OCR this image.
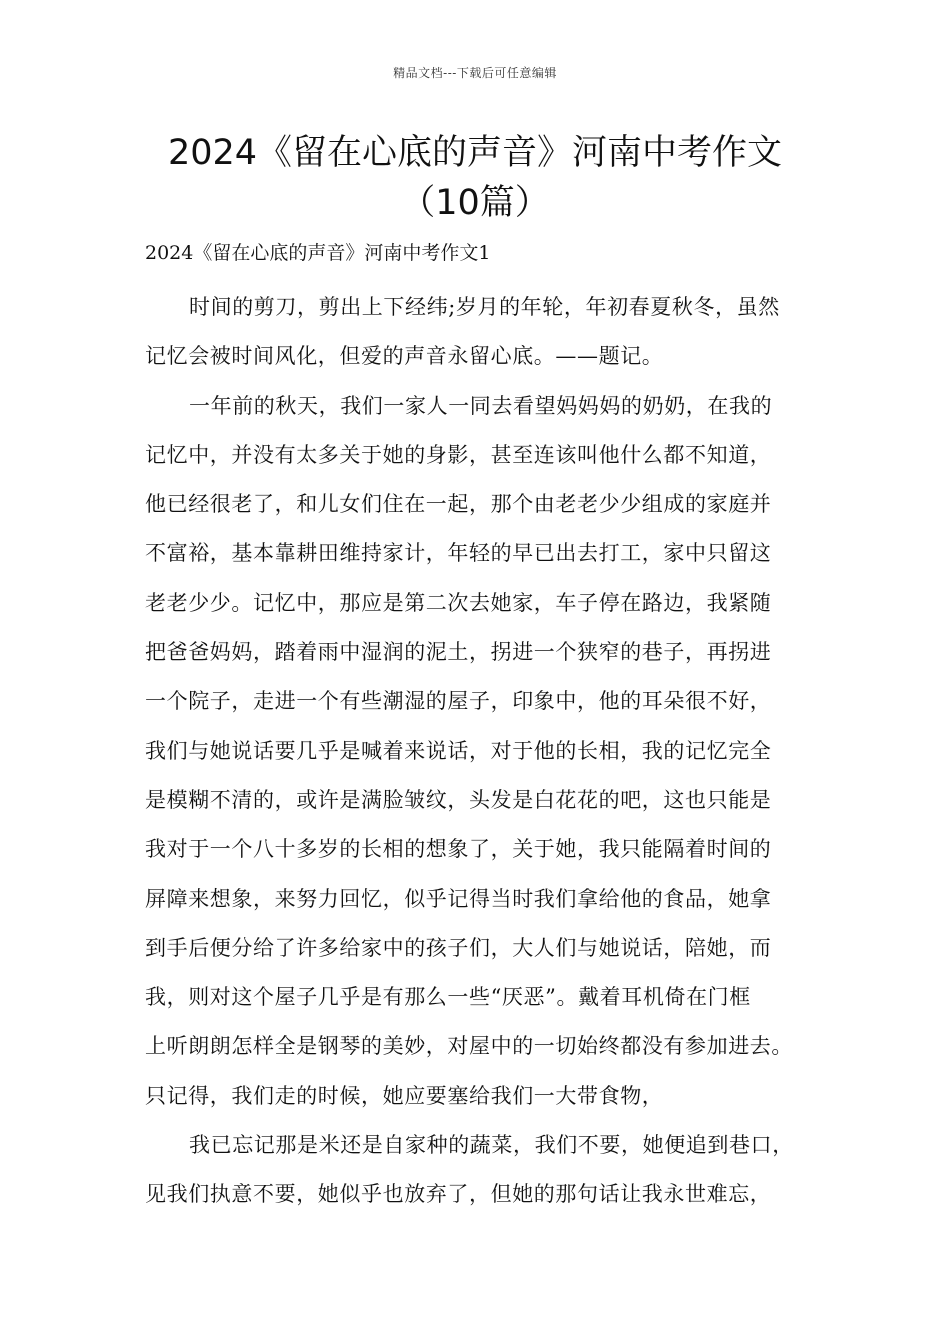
精品文档---下载后可任意编辑
2024《留在心底的声音》河南中考作文
（10篇）
2024《留在心底的声音》河南中考作文1

时间的剪刀，剪出上下经纬;岁月的年轮，年初春夏秋冬，虽然
记忆会被时间风化，但爱的声音永留心底。——题记。

一年前的秋天，我们一家人一同去看望妈妈妈的奶奶，在我的
记忆中，并没有太多关于她的身影，甚至连该叫他什么都不知道，
他已经很老了，和儿女们住在一起，那个由老老少少组成的家庭并
不富裕，基本靠耕田维持家计，年轻的早已出去打工，家中只留这
老老少少。记忆中，那应是第二次去她家，车子停在路边，我紧随
把爸爸妈妈，踏着雨中湿润的泥土，拐进一个狭窄的巷子，再拐进
一个院子，走进一个有些潮湿的屋子，印象中，他的耳朵很不好，
我们与她说话要几乎是喊着来说话，对于他的长相，我的记忆完全
是模糊不清的，或许是满脸皱纹，头发是白花花的吧，这也只能是
我对于一个八十多岁的长相的想象了，关于她，我只能隔着时间的
屏障来想象，来努力回忆，似乎记得当时我们拿给他的食品，她拿
到手后便分给了许多给家中的孩子们，大人们与她说话，陪她，而
我，则对这个屋子几乎是有那么一些“厌恶”。戴着耳机倚在门框
上听朗朗怎样全是钢琴的美妙，对屋中的一切始终都没有参加进去。
只记得，我们走的时候，她应要塞给我们一大带食物，

我已忘记那是米还是自家种的蔬菜，我们不要，她便追到巷口，
见我们执意不要，她似乎也放弃了，但她的那句话让我永世难忘，
